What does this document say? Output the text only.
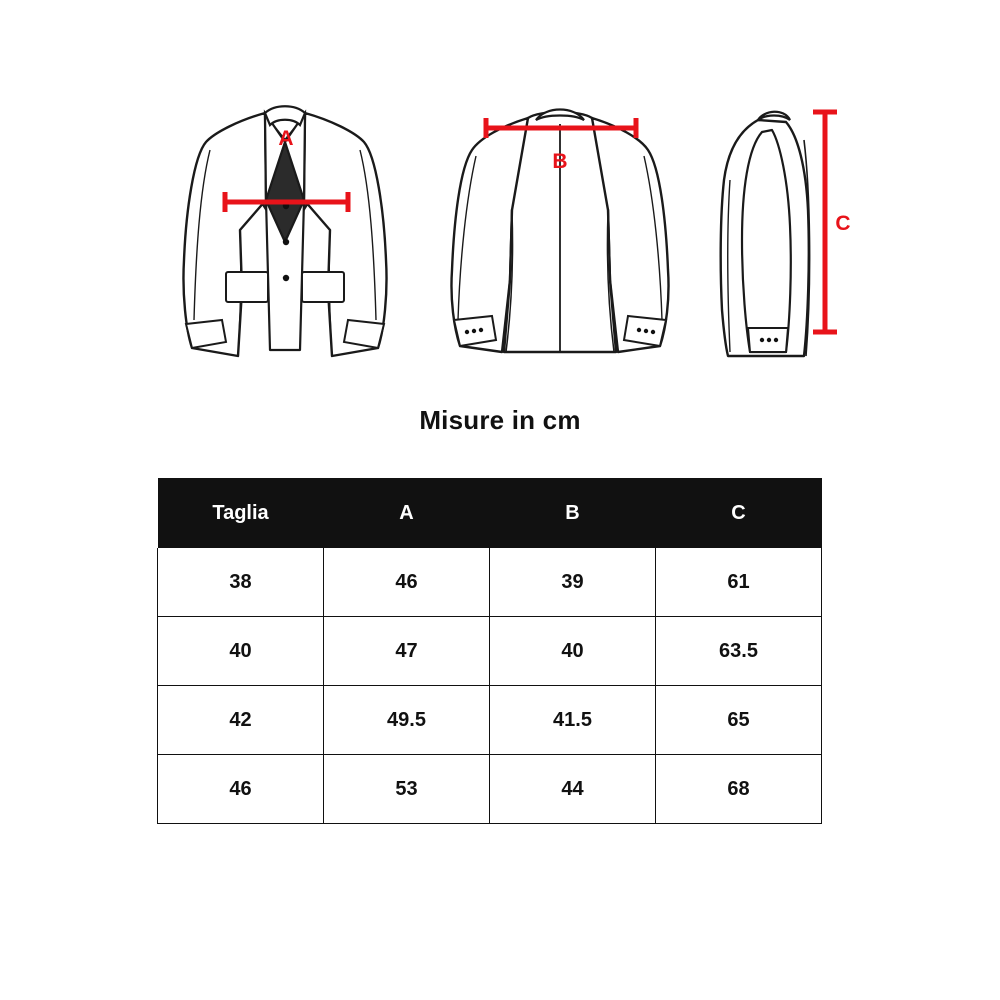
A
B
C
Misure in cm
Taglia	A	B	C
38	46	39	61
40	47	40	63.5
42	49.5	41.5	65
46	53	44	68
